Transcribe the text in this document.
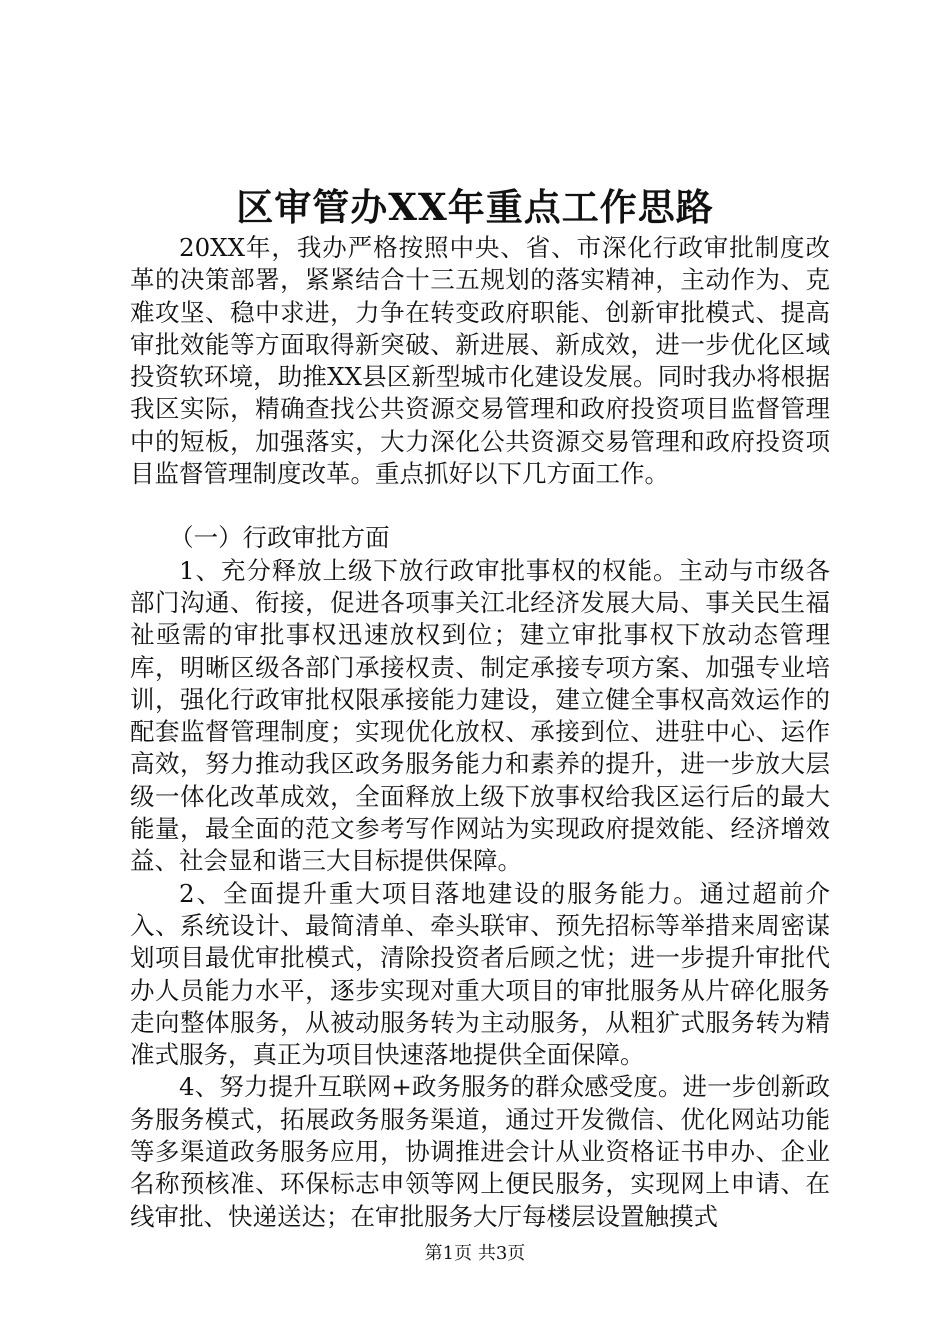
区审管办XX年重点工作思路

20XX年，我办严格按照中央、省、市深化行政审批制度改革的决策部署，紧紧结合十三五规划的落实精神，主动作为、克难攻坚、稳中求进，力争在转变政府职能、创新审批模式、提高审批效能等方面取得新突破、新进展、新成效，进一步优化区域投资软环境，助推XX县区新型城市化建设发展。同时我办将根据我区实际，精确查找公共资源交易管理和政府投资项目监督管理中的短板，加强落实，大力深化公共资源交易管理和政府投资项目监督管理制度改革。重点抓好以下几方面工作。

（一）行政审批方面

1、充分释放上级下放行政审批事权的权能。主动与市级各部门沟通、衔接，促进各项事关江北经济发展大局、事关民生福祉亟需的审批事权迅速放权到位；建立审批事权下放动态管理库，明晰区级各部门承接权责、制定承接专项方案、加强专业培训，强化行政审批权限承接能力建设，建立健全事权高效运作的配套监督管理制度；实现优化放权、承接到位、进驻中心、运作高效，努力推动我区政务服务能力和素养的提升，进一步放大层级一体化改革成效，全面释放上级下放事权给我区运行后的最大能量，最全面的范文参考写作网站为实现政府提效能、经济增效益、社会显和谐三大目标提供保障。

2、全面提升重大项目落地建设的服务能力。通过超前介入、系统设计、最简清单、牵头联审、预先招标等举措来周密谋划项目最优审批模式，清除投资者后顾之忧；进一步提升审批代办人员能力水平，逐步实现对重大项目的审批服务从片碎化服务走向整体服务，从被动服务转为主动服务，从粗犷式服务转为精准式服务，真正为项目快速落地提供全面保障。

4、努力提升互联网+政务服务的群众感受度。进一步创新政务服务模式，拓展政务服务渠道，通过开发微信、优化网站功能等多渠道政务服务应用，协调推进会计从业资格证书申办、企业名称预核准、环保标志申领等网上便民服务，实现网上申请、在线审批、快递送达；在审批服务大厅每楼层设置触摸式

第1页 共3页
